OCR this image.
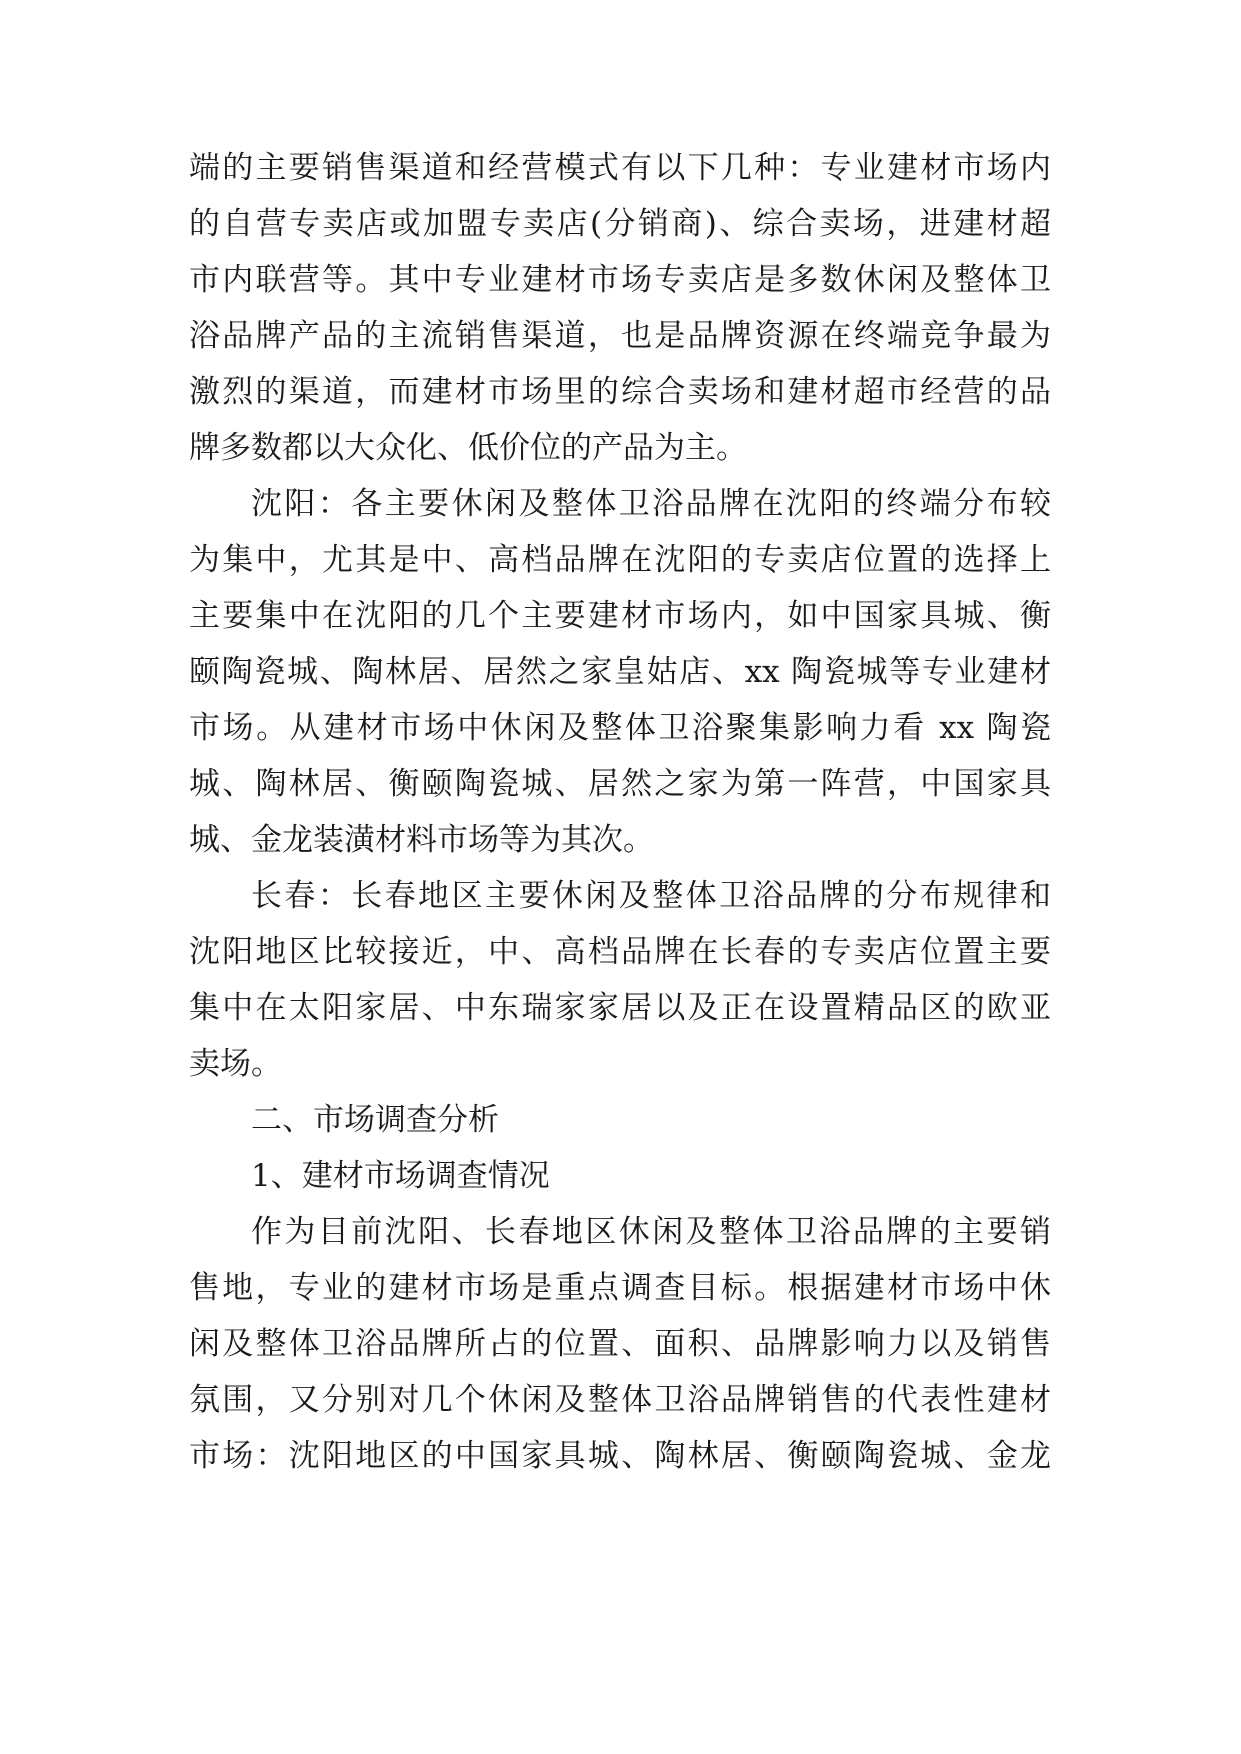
端的主要销售渠道和经营模式有以下几种：专业建材市场内
的自营专卖店或加盟专卖店(分销商)、综合卖场，进建材超
市内联营等。其中专业建材市场专卖店是多数休闲及整体卫
浴品牌产品的主流销售渠道，也是品牌资源在终端竞争最为
激烈的渠道，而建材市场里的综合卖场和建材超市经营的品
牌多数都以大众化、低价位的产品为主。
沈阳：各主要休闲及整体卫浴品牌在沈阳的终端分布较
为集中，尤其是中、高档品牌在沈阳的专卖店位置的选择上
主要集中在沈阳的几个主要建材市场内，如中国家具城、衡
颐陶瓷城、陶林居、居然之家皇姑店、xx 陶瓷城等专业建材
市场。从建材市场中休闲及整体卫浴聚集影响力看 xx 陶瓷
城、陶林居、衡颐陶瓷城、居然之家为第一阵营，中国家具
城、金龙装潢材料市场等为其次。
长春：长春地区主要休闲及整体卫浴品牌的分布规律和
沈阳地区比较接近，中、高档品牌在长春的专卖店位置主要
集中在太阳家居、中东瑞家家居以及正在设置精品区的欧亚
卖场。
二、市场调查分析
1、建材市场调查情况
作为目前沈阳、长春地区休闲及整体卫浴品牌的主要销
售地，专业的建材市场是重点调查目标。根据建材市场中休
闲及整体卫浴品牌所占的位置、面积、品牌影响力以及销售
氛围，又分别对几个休闲及整体卫浴品牌销售的代表性建材
市场：沈阳地区的中国家具城、陶林居、衡颐陶瓷城、金龙
